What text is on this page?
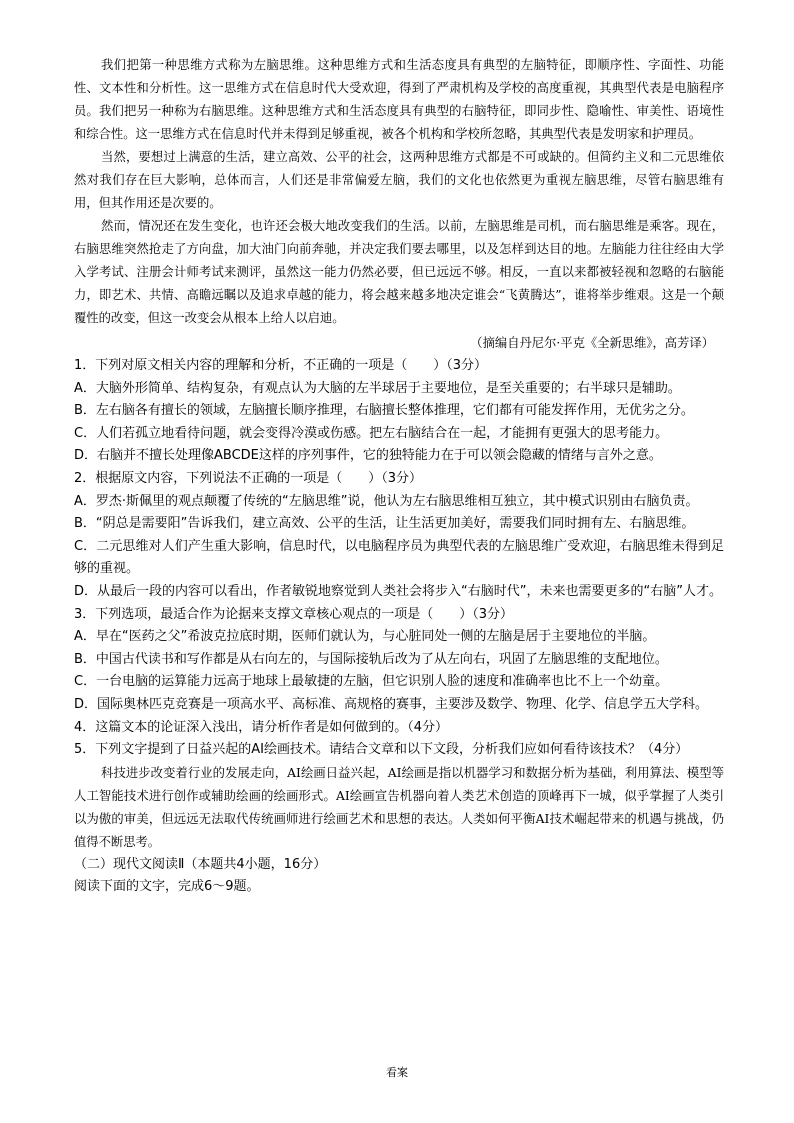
我们把第一种思维方式称为左脑思维。这种思维方式和生活态度具有典型的左脑特征，即顺序性、字面性、功能性、文本性和分析性。这一思维方式在信息时代大受欢迎，得到了严肃机构及学校的高度重视，其典型代表是电脑程序员。我们把另一种称为右脑思维。这种思维方式和生活态度具有典型的右脑特征，即同步性、隐喻性、审美性、语境性和综合性。这一思维方式在信息时代并未得到足够重视，被各个机构和学校所忽略，其典型代表是发明家和护理员。

当然，要想过上满意的生活，建立高效、公平的社会，这两种思维方式都是不可或缺的。但简约主义和二元思维依然对我们存在巨大影响，总体而言，人们还是非常偏爱左脑，我们的文化也依然更为重视左脑思维，尽管右脑思维有用，但其作用还是次要的。

然而，情况还在发生变化，也许还会极大地改变我们的生活。以前，左脑思维是司机，而右脑思维是乘客。现在，右脑思维突然抢走了方向盘，加大油门向前奔驰，并决定我们要去哪里，以及怎样到达目的地。左脑能力往往经由大学入学考试、注册会计师考试来测评，虽然这一能力仍然必要，但已远远不够。相反，一直以来都被轻视和忽略的右脑能力，即艺术、共情、高瞻远瞩以及追求卓越的能力，将会越来越多地决定谁会“飞黄腾达”，谁将举步维艰。这是一个颠覆性的改变，但这一改变会从根本上给人以启迪。

（摘编自丹尼尔·平克《全新思维》，高芳译）

1．下列对原文相关内容的理解和分析，不正确的一项是（　　）（3分）

A．大脑外形简单、结构复杂，有观点认为大脑的左半球居于主要地位，是至关重要的；右半球只是辅助。

B．左右脑各有擅长的领域，左脑擅长顺序推理，右脑擅长整体推理，它们都有可能发挥作用，无优劣之分。

C．人们若孤立地看待问题，就会变得冷漠或伤感。把左右脑结合在一起，才能拥有更强大的思考能力。

D．右脑并不擅长处理像ABCDE这样的序列事件，它的独特能力在于可以领会隐藏的情绪与言外之意。

2．根据原文内容，下列说法不正确的一项是（　　）（3分）

A．罗杰·斯佩里的观点颠覆了传统的“左脑思维”说，他认为左右脑思维相互独立，其中模式识别由右脑负责。

B．“阴总是需要阳”告诉我们，建立高效、公平的生活，让生活更加美好，需要我们同时拥有左、右脑思维。

C．二元思维对人们产生重大影响，信息时代，以电脑程序员为典型代表的左脑思维广受欢迎，右脑思维未得到足够的重视。

D．从最后一段的内容可以看出，作者敏锐地察觉到人类社会将步入“右脑时代”，未来也需要更多的“右脑”人才。

3．下列选项，最适合作为论据来支撑文章核心观点的一项是（　　）（3分）

A．早在“医药之父”希波克拉底时期，医师们就认为，与心脏同处一侧的左脑是居于主要地位的半脑。

B．中国古代读书和写作都是从右向左的，与国际接轨后改为了从左向右，巩固了左脑思维的支配地位。

C．一台电脑的运算能力远高于地球上最敏捷的左脑，但它识别人脸的速度和准确率也比不上一个幼童。

D．国际奥林匹克竞赛是一项高水平、高标准、高规格的赛事，主要涉及数学、物理、化学、信息学五大学科。

4．这篇文本的论证深入浅出，请分析作者是如何做到的。（4分）

5．下列文字提到了日益兴起的AI绘画技术。请结合文章和以下文段，分析我们应如何看待该技术？（4分）

科技进步改变着行业的发展走向，AI绘画日益兴起，AI绘画是指以机器学习和数据分析为基础，利用算法、模型等人工智能技术进行创作或辅助绘画的绘画形式。AI绘画宣告机器向着人类艺术创造的顶峰再下一城，似乎掌握了人类引以为傲的审美，但远远无法取代传统画师进行绘画艺术和思想的表达。人类如何平衡AI技术崛起带来的机遇与挑战，仍值得不断思考。

（二）现代文阅读Ⅱ（本题共4小题，16分）

阅读下面的文字，完成6～9题。

看案
